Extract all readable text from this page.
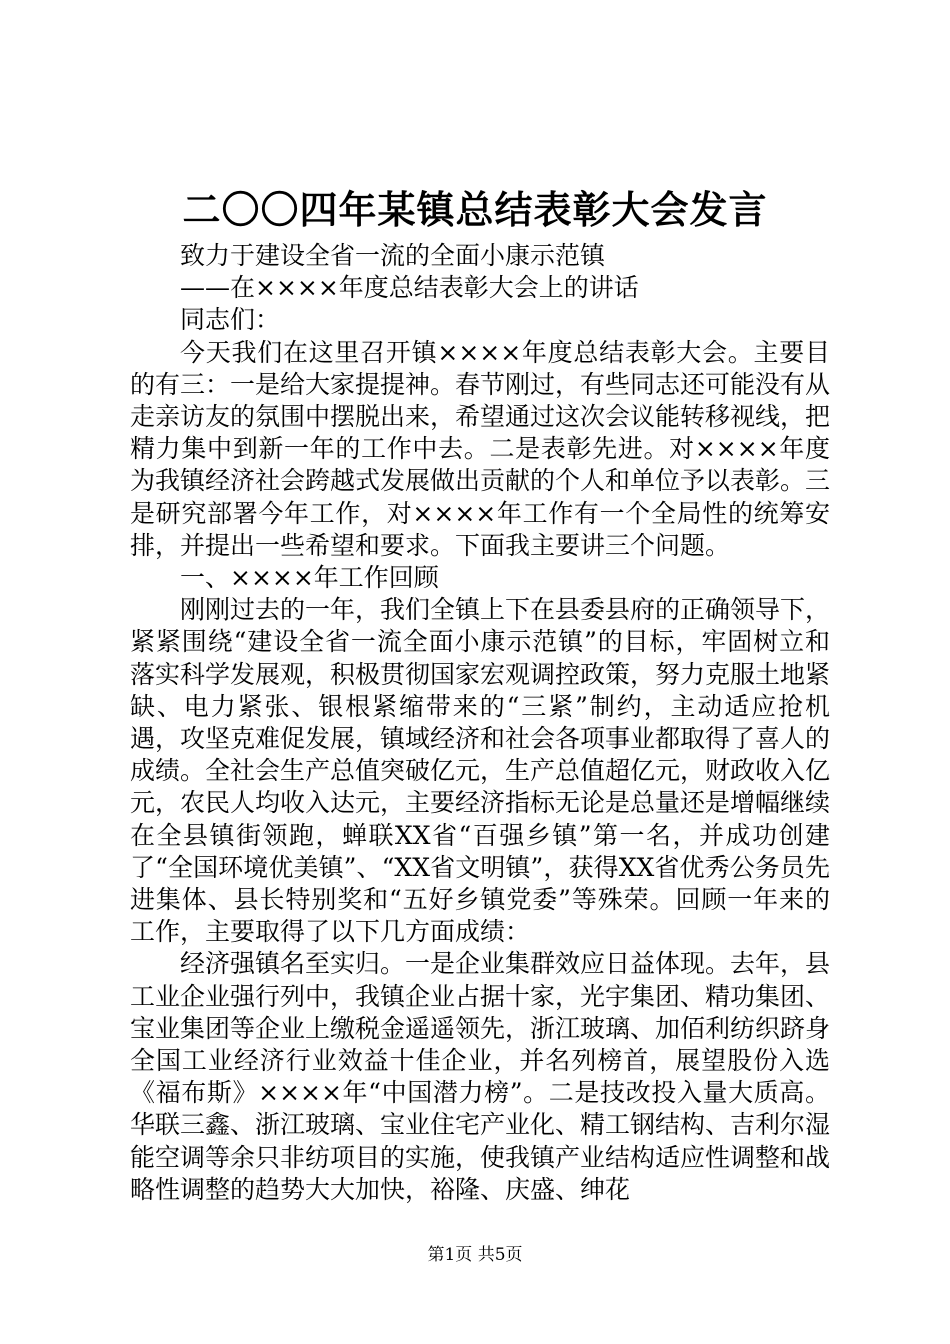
二〇〇四年某镇总结表彰大会发言

致力于建设全省一流的全面小康示范镇

——在××××年度总结表彰大会上的讲话

同志们：

今天我们在这里召开镇××××年度总结表彰大会。主要目的有三：一是给大家提提神。春节刚过，有些同志还可能没有从走亲访友的氛围中摆脱出来，希望通过这次会议能转移视线，把精力集中到新一年的工作中去。二是表彰先进。对××××年度为我镇经济社会跨越式发展做出贡献的个人和单位予以表彰。三是研究部署今年工作，对××××年工作有一个全局性的统筹安排，并提出一些希望和要求。下面我主要讲三个问题。

一、××××年工作回顾

刚刚过去的一年，我们全镇上下在县委县府的正确领导下，紧紧围绕“建设全省一流全面小康示范镇”的目标，牢固树立和落实科学发展观，积极贯彻国家宏观调控政策，努力克服土地紧缺、电力紧张、银根紧缩带来的“三紧”制约，主动适应抢机遇，攻坚克难促发展，镇域经济和社会各项事业都取得了喜人的成绩。全社会生产总值突破亿元，生产总值超亿元，财政收入亿元，农民人均收入达元，主要经济指标无论是总量还是增幅继续在全县镇街领跑，蝉联XX省“百强乡镇”第一名，并成功创建了“全国环境优美镇”、“XX省文明镇”，获得XX省优秀公务员先进集体、县长特别奖和“五好乡镇党委”等殊荣。回顾一年来的工作，主要取得了以下几方面成绩：

经济强镇名至实归。一是企业集群效应日益体现。去年，县工业企业强行列中，我镇企业占据十家，光宇集团、精功集团、宝业集团等企业上缴税金遥遥领先，浙江玻璃、加佰利纺织跻身全国工业经济行业效益十佳企业，并名列榜首，展望股份入选《福布斯》××××年“中国潜力榜”。二是技改投入量大质高。华联三鑫、浙江玻璃、宝业住宅产业化、精工钢结构、吉利尔湿能空调等余只非纺项目的实施，使我镇产业结构适应性调整和战略性调整的趋势大大加快，裕隆、庆盛、绅花

第1页 共5页
